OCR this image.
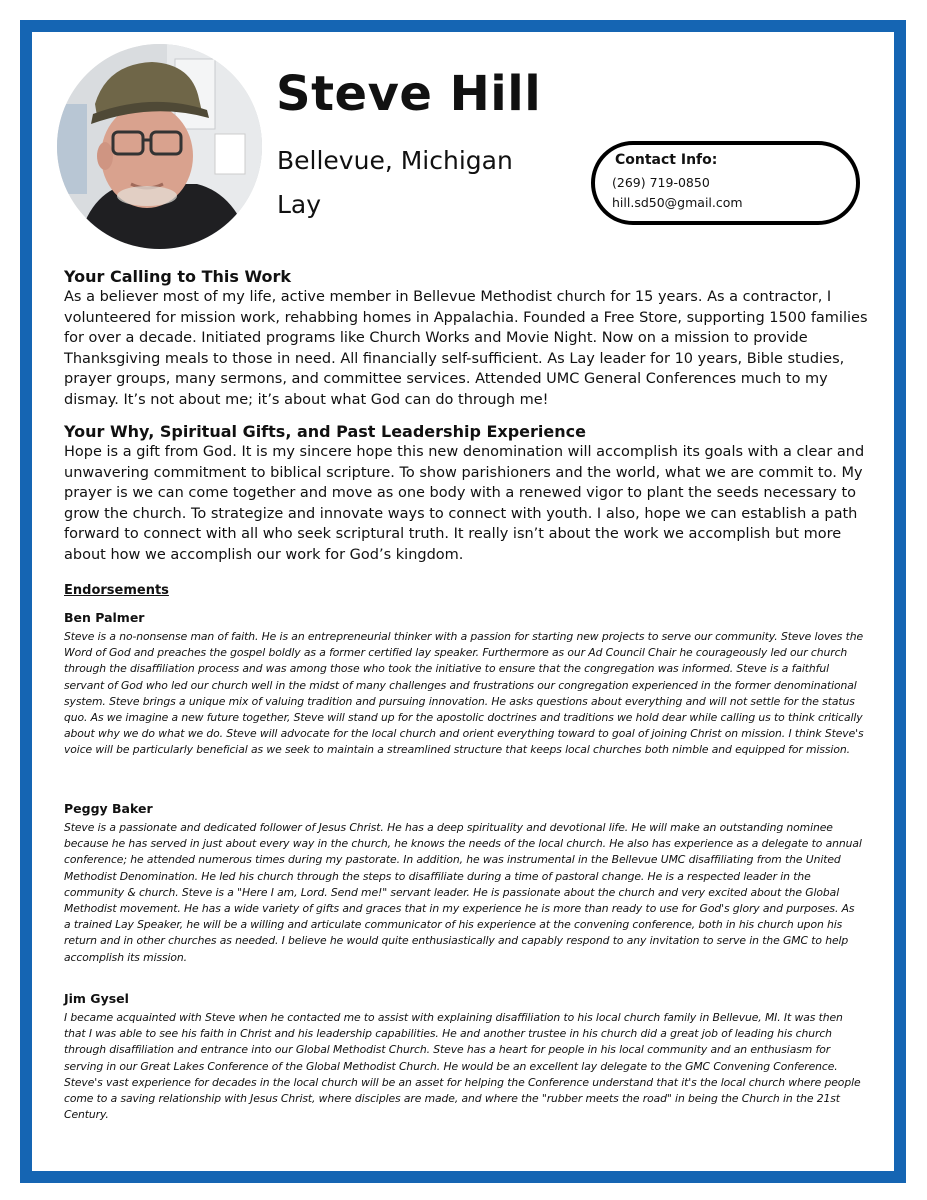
Steve Hill
Bellevue, Michigan
Lay
Contact Info:
(269) 719-0850
hill.sd50@gmail.com
Your Calling to This Work

As a believer most of my life, active member in Bellevue Methodist church for 15 years. As a contractor, I volunteered for mission work, rehabbing homes in Appalachia. Founded a Free Store, supporting 1500 families for over a decade. Initiated programs like Church Works and Movie Night. Now on a mission to provide Thanksgiving meals to those in need. All financially self-sufficient. As Lay leader for 10 years, Bible studies, prayer groups, many sermons, and committee services. Attended UMC General Conferences much to my dismay. It’s not about me; it’s about what God can do through me!

Your Why, Spiritual Gifts, and Past Leadership Experience

Hope is a gift from God. It is my sincere hope this new denomination will accomplish its goals with a clear and unwavering commitment to biblical scripture. To show parishioners and the world, what we are commit to. My prayer is we can come together and move as one body with a renewed vigor to plant the seeds necessary to grow the church. To strategize and innovate ways to connect with youth. I also, hope we can establish a path forward to connect with all who seek scriptural truth. It really isn’t about the work we accomplish but more about how we accomplish our work for God’s kingdom.

Endorsements
Ben Palmer

Steve is a no-nonsense man of faith. He is an entrepreneurial thinker with a passion for starting new projects to serve our community. Steve loves the Word of God and preaches the gospel boldly as a former certified lay speaker. Furthermore as our Ad Council Chair he courageously led our church through the disaffiliation process and was among those who took the initiative to ensure that the congregation was informed. Steve is a faithful servant of God who led our church well in the midst of many challenges and frustrations our congregation experienced in the former denominational system. Steve brings a unique mix of valuing tradition and pursuing innovation. He asks questions about everything and will not settle for the status quo. As we imagine a new future together, Steve will stand up for the apostolic doctrines and traditions we hold dear while calling us to think critically about why we do what we do. Steve will advocate for the local church and orient everything toward to goal of joining Christ on mission. I think Steve's voice will be particularly beneficial as we seek to maintain a streamlined structure that keeps local churches both nimble and equipped for mission.

Peggy Baker

Steve is a passionate and dedicated follower of Jesus Christ. He has a deep spirituality and devotional life. He will make an outstanding nominee because he has served in just about every way in the church, he knows the needs of the local church. He also has experience as a delegate to annual conference; he attended numerous times during my pastorate. In addition, he was instrumental in the Bellevue UMC disaffiliating from the United Methodist Denomination. He led his church through the steps to disaffiliate during a time of pastoral change. He is a respected leader in the community & church. Steve is a "Here I am, Lord. Send me!" servant leader. He is passionate about the church and very excited about the Global Methodist movement. He has a wide variety of gifts and graces that in my experience he is more than ready to use for God's glory and purposes. As a trained Lay Speaker, he will be a willing and articulate communicator of his experience at the convening conference, both in his church upon his return and in other churches as needed. I believe he would quite enthusiastically and capably respond to any invitation to serve in the GMC to help accomplish its mission.

Jim Gysel

I became acquainted with Steve when he contacted me to assist with explaining disaffiliation to his local church family in Bellevue, MI. It was then that I was able to see his faith in Christ and his leadership capabilities. He and another trustee in his church did a great job of leading his church through disaffiliation and entrance into our Global Methodist Church. Steve has a heart for people in his local community and an enthusiasm for serving in our Great Lakes Conference of the Global Methodist Church. He would be an excellent lay delegate to the GMC Convening Conference. Steve's vast experience for decades in the local church will be an asset for helping the Conference understand that it's the local church where people come to a saving relationship with Jesus Christ, where disciples are made, and where the "rubber meets the road" in being the Church in the 21st Century.
